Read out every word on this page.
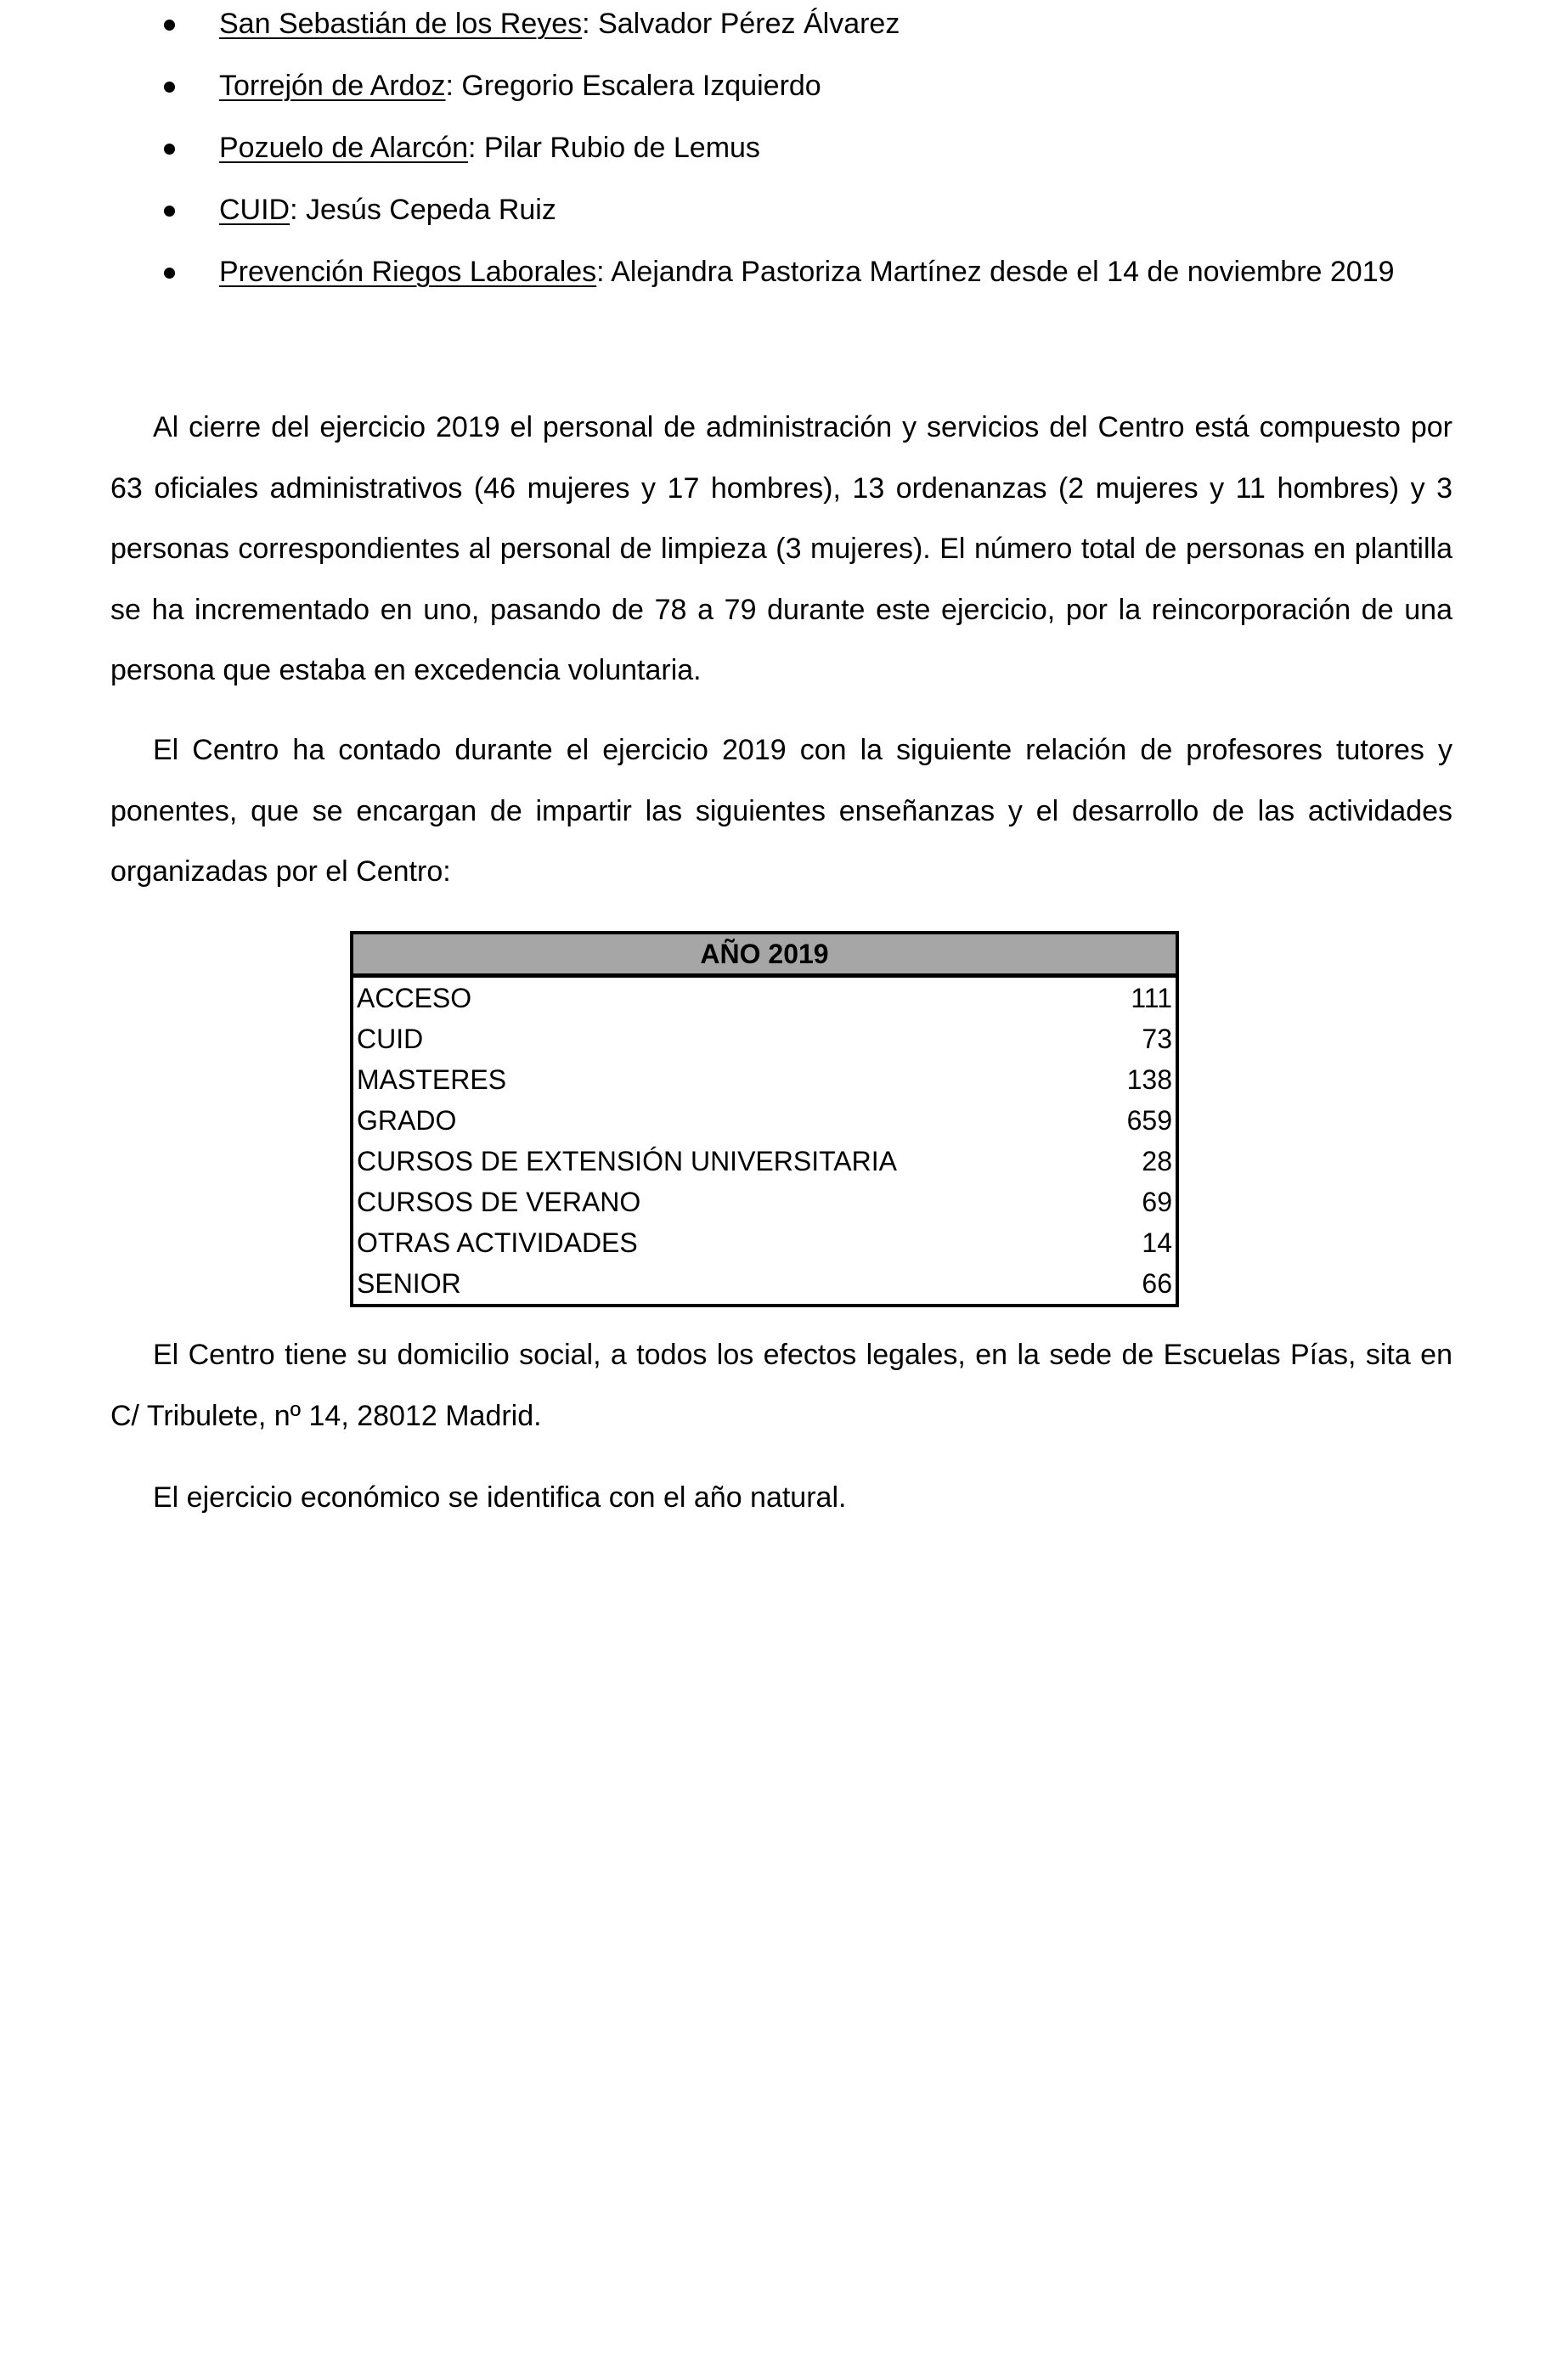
San Sebastián de los Reyes: Salvador Pérez Álvarez
Torrejón de Ardoz: Gregorio Escalera Izquierdo
Pozuelo de Alarcón: Pilar Rubio de Lemus
CUID: Jesús Cepeda Ruiz
Prevención Riegos Laborales: Alejandra Pastoriza Martínez desde el 14 de noviembre 2019

Al cierre del ejercicio 2019 el personal de administración y servicios del Centro está compuesto por 63 oficiales administrativos (46 mujeres y 17 hombres), 13 ordenanzas (2 mujeres y 11 hombres) y 3 personas correspondientes al personal de limpieza (3 mujeres). El número total de personas en plantilla se ha incrementado en uno, pasando de 78 a 79 durante este ejercicio, por la reincorporación de una persona que estaba en excedencia voluntaria.

El Centro ha contado durante el ejercicio 2019 con la siguiente relación de profesores tutores y ponentes, que se encargan de impartir las siguientes enseñanzas y el desarrollo de las actividades organizadas por el Centro:

El Centro tiene su domicilio social, a todos los efectos legales, en la sede de Escuelas Pías, sita en C/ Tribulete, nº 14, 28012 Madrid.

El ejercicio económico se identifica con el año natural.

AÑO 2019	
ACCESO	111
CUID	73
MASTERES	138
GRADO	659
CURSOS DE EXTENSIÓN UNIVERSITARIA	28
CURSOS DE VERANO	69
OTRAS ACTIVIDADES	14
SENIOR	66
